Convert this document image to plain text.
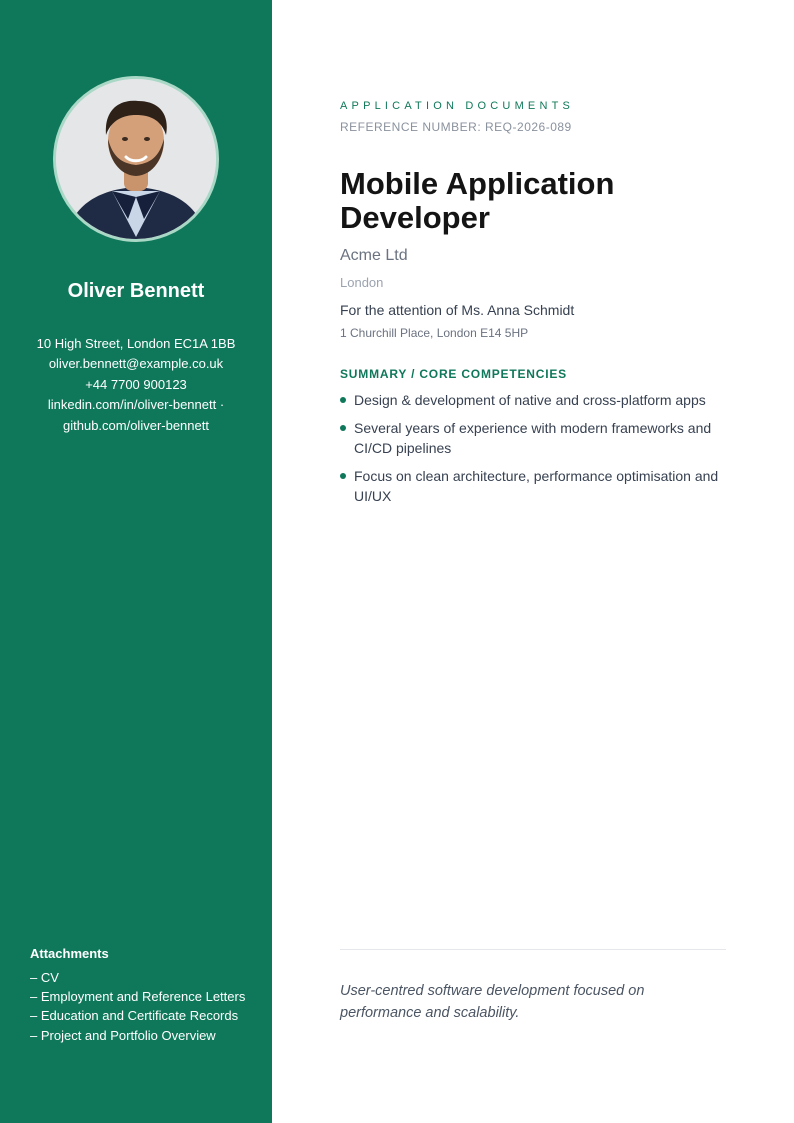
Oliver Bennett
10 High Street, London EC1A 1BB
oliver.bennett@example.co.uk
+44 7700 900123
linkedin.com/in/oliver-bennett ·
github.com/oliver-bennett
Attachments
– CV
– Employment and Reference Letters
– Education and Certificate Records
– Project and Portfolio Overview
APPLICATION DOCUMENTS
REFERENCE NUMBER: REQ-2026-089
Mobile Application Developer
Acme Ltd
London
For the attention of Ms. Anna Schmidt
1 Churchill Place, London E14 5HP
SUMMARY / CORE COMPETENCIES
Design & development of native and cross-platform apps
Several years of experience with modern frameworks and CI/CD pipelines
Focus on clean architecture, performance optimisation and UI/UX
User-centred software development focused on performance and scalability.
